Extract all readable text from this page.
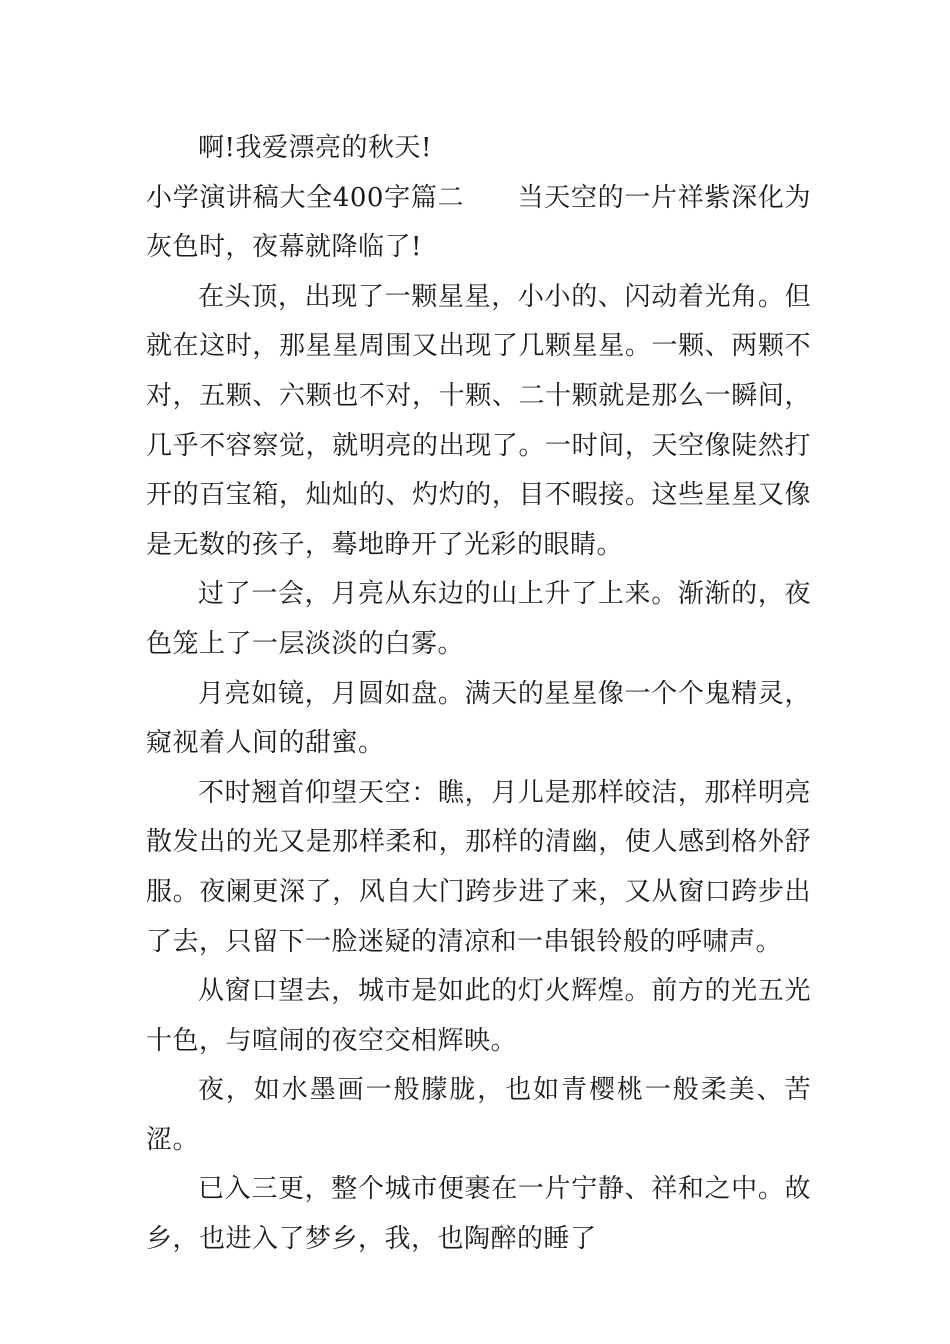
啊!我爱漂亮的秋天!

小学演讲稿大全400字篇二　　当天空的一片祥紫深化为灰色时，夜幕就降临了!

在头顶，出现了一颗星星，小小的、闪动着光角。但就在这时，那星星周围又出现了几颗星星。一颗、两颗不对，五颗、六颗也不对，十颗、二十颗就是那么一瞬间，几乎不容察觉，就明亮的出现了。一时间，天空像陡然打开的百宝箱，灿灿的、灼灼的，目不暇接。这些星星又像是无数的孩子，蓦地睁开了光彩的眼睛。

过了一会，月亮从东边的山上升了上来。渐渐的，夜色笼上了一层淡淡的白雾。

月亮如镜，月圆如盘。满天的星星像一个个鬼精灵，窥视着人间的甜蜜。

不时翘首仰望天空：瞧，月儿是那样皎洁，那样明亮散发出的光又是那样柔和，那样的清幽，使人感到格外舒服。夜阑更深了，风自大门跨步进了来，又从窗口跨步出了去，只留下一脸迷疑的清凉和一串银铃般的呼啸声。

从窗口望去，城市是如此的灯火辉煌。前方的光五光十色，与喧闹的夜空交相辉映。

夜，如水墨画一般朦胧，也如青樱桃一般柔美、苦涩。

已入三更，整个城市便裹在一片宁静、祥和之中。故乡，也进入了梦乡，我，也陶醉的睡了
